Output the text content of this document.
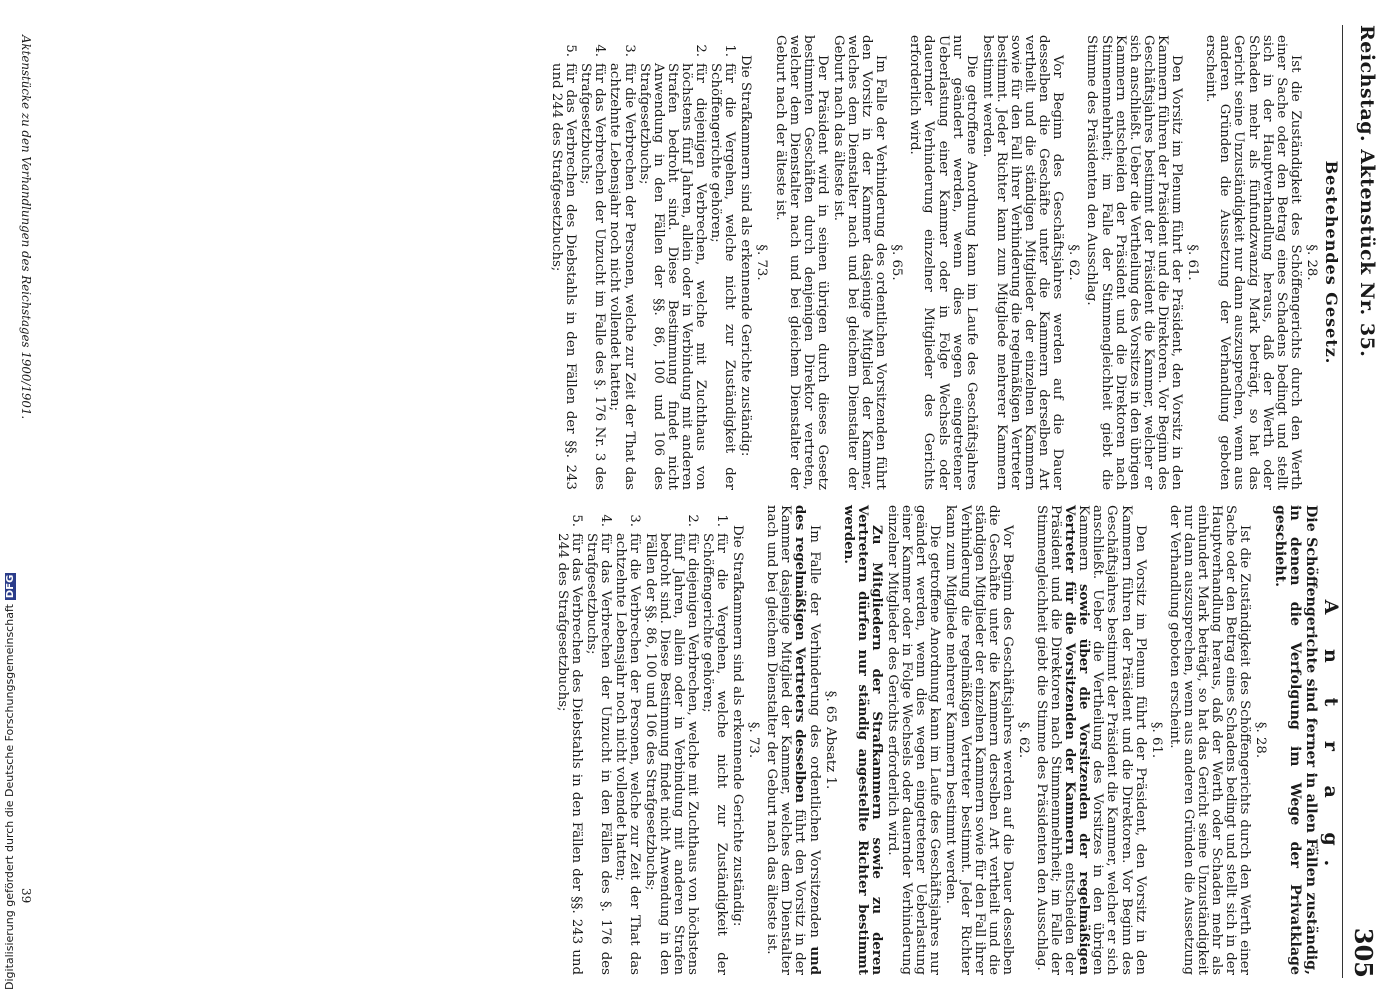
Reichstag. Aktenstück Nr. 35.
305
A n t r a g.
Die Schöffengerichte sind ferner in allen Fällen zuständig, in denen die Verfolgung im Wege der Privatklage geschieht.
§. 28.

Ist die Zuständigkeit des Schöffengerichts durch den Werth einer Sache oder den Betrag eines Schadens bedingt und stellt sich in der Hauptverhandlung heraus, daß der Werth oder Schaden mehr als einhundert Mark beträgt, so hat das Gericht seine Unzuständigkeit nur dann auszusprechen, wenn aus anderen Gründen die Aussetzung der Verhandlung geboten erscheint.

§. 61.

Den Vorsitz im Plenum führt der Präsident, den Vorsitz in den Kammern führen der Präsident und die Direktoren. Vor Beginn des Geschäftsjahres bestimmt der Präsident die Kammer, welcher er sich anschließt. Ueber die Vertheilung des Vorsitzes in den übrigen Kammern sowie über die Vorsitzenden der regelmäßigen Vertreter für die Vorsitzenden der Kammern entscheiden der Präsident und die Direktoren nach Stimmenmehrheit; im Falle der Stimmengleichheit giebt die Stimme des Präsidenten den Ausschlag.

§. 62.

Vor Beginn des Geschäftsjahres werden auf die Dauer desselben die Geschäfte unter die Kammern derselben Art vertheilt und die ständigen Mitglieder der einzelnen Kammern sowie für den Fall ihrer Verhinderung die regelmäßigen Vertreter bestimmt. Jeder Richter kann zum Mitgliede mehrerer Kammern bestimmt werden.

Die getroffene Anordnung kann im Laufe des Geschäftsjahres nur geändert werden, wenn dies wegen eingetretener Ueberlastung einer Kammer oder in Folge Wechsels oder dauernder Verhinderung einzelner Mitglieder des Gerichts erforderlich wird.

Zu Mitgliedern der Strafkammern sowie zu deren Vertretern dürfen nur ständig angestellte Richter bestimmt werden.

§. 65 Absatz 1.

Im Falle der Verhinderung des ordentlichen Vorsitzenden und des regelmäßigen Vertreters desselben führt den Vorsitz in der Kammer dasjenige Mitglied der Kammer, welches dem Dienstalter nach und bei gleichem Dienstalter der Geburt nach das älteste ist.

§. 73.

Die Strafkammern sind als erkennende Gerichte zuständig:

1.
für die Vergehen, welche nicht zur Zuständigkeit der Schöffengerichte gehören;
2.
für diejenigen Verbrechen, welche mit Zuchthaus von höchstens fünf Jahren, allein oder in Verbindung mit anderen Strafen bedroht sind. Diese Bestimmung findet nicht Anwendung in den Fällen der §§. 86, 100 und 106 des Strafgesetzbuchs;
3.
für die Verbrechen der Personen, welche zur Zeit der That das achtzehnte Lebensjahr noch nicht vollendet hatten;
4.
für das Verbrechen der Unzucht in den Fällen des §. 176 des Strafgesetzbuchs;
5.
für das Verbrechen des Diebstahls in den Fällen der §§. 243 und 244 des Strafgesetzbuchs;
Bestehendes Gesetz.
§. 28.

Ist die Zuständigkeit des Schöffengerichts durch den Werth einer Sache oder den Betrag eines Schadens bedingt und stellt sich in der Hauptverhandlung heraus, daß der Werth oder Schaden mehr als fünfundzwanzig Mark beträgt, so hat das Gericht seine Unzuständigkeit nur dann auszusprechen, wenn aus anderen Gründen die Aussetzung der Verhandlung geboten erscheint.

§. 61.

Den Vorsitz im Plenum führt der Präsident, den Vorsitz in den Kammern führen der Präsident und die Direktoren. Vor Beginn des Geschäftsjahres bestimmt der Präsident die Kammer, welcher er sich anschließt. Ueber die Vertheilung des Vorsitzes in den übrigen Kammern entscheiden der Präsident und die Direktoren nach Stimmenmehrheit; im Falle der Stimmengleichheit giebt die Stimme des Präsidenten den Ausschlag.

§. 62.

Vor Beginn des Geschäftsjahres werden auf die Dauer desselben die Geschäfte unter die Kammern derselben Art vertheilt und die ständigen Mitglieder der einzelnen Kammern sowie für den Fall ihrer Verhinderung die regelmäßigen Vertreter bestimmt. Jeder Richter kann zum Mitgliede mehrerer Kammern bestimmt werden.

Die getroffene Anordnung kann im Laufe des Geschäftsjahres nur geändert werden, wenn dies wegen eingetretener Ueberlastung einer Kammer oder in Folge Wechsels oder dauernder Verhinderung einzelner Mitglieder des Gerichts erforderlich wird.

§. 65.

Im Falle der Verhinderung des ordentlichen Vorsitzenden führt den Vorsitz in der Kammer dasjenige Mitglied der Kammer, welches dem Dienstalter nach und bei gleichem Dienstalter der Geburt nach das älteste ist.

Der Präsident wird in seinen übrigen durch dieses Gesetz bestimmten Geschäften durch denjenigen Direktor vertreten, welcher dem Dienstalter nach und bei gleichem Dienstalter der Geburt nach der älteste ist.

§. 73.

Die Strafkammern sind als erkennende Gerichte zuständig:

1.
für die Vergehen, welche nicht zur Zuständigkeit der Schöffengerichte gehören;
2.
für diejenigen Verbrechen, welche mit Zuchthaus von höchstens fünf Jahren, allein oder in Verbindung mit anderen Strafen bedroht sind. Diese Bestimmung findet nicht Anwendung in den Fällen der §§. 86, 100 und 106 des Strafgesetzbuchs;
3.
für die Verbrechen der Personen, welche zur Zeit der That das achtzehnte Lebensjahr noch nicht vollendet hatten;
4.
für das Verbrechen der Unzucht im Falle des §. 176 Nr. 3 des Strafgesetzbuchs;
5.
für das Verbrechen des Diebstahls in den Fällen der §§. 243 und 244 des Strafgesetzbuchs;
Aktenstücke zu den Verhandlungen des Reichstages 1900/1901.
39
Digitalisierung gefördert durch die Deutsche ForschungsgemeinschaftDFG
